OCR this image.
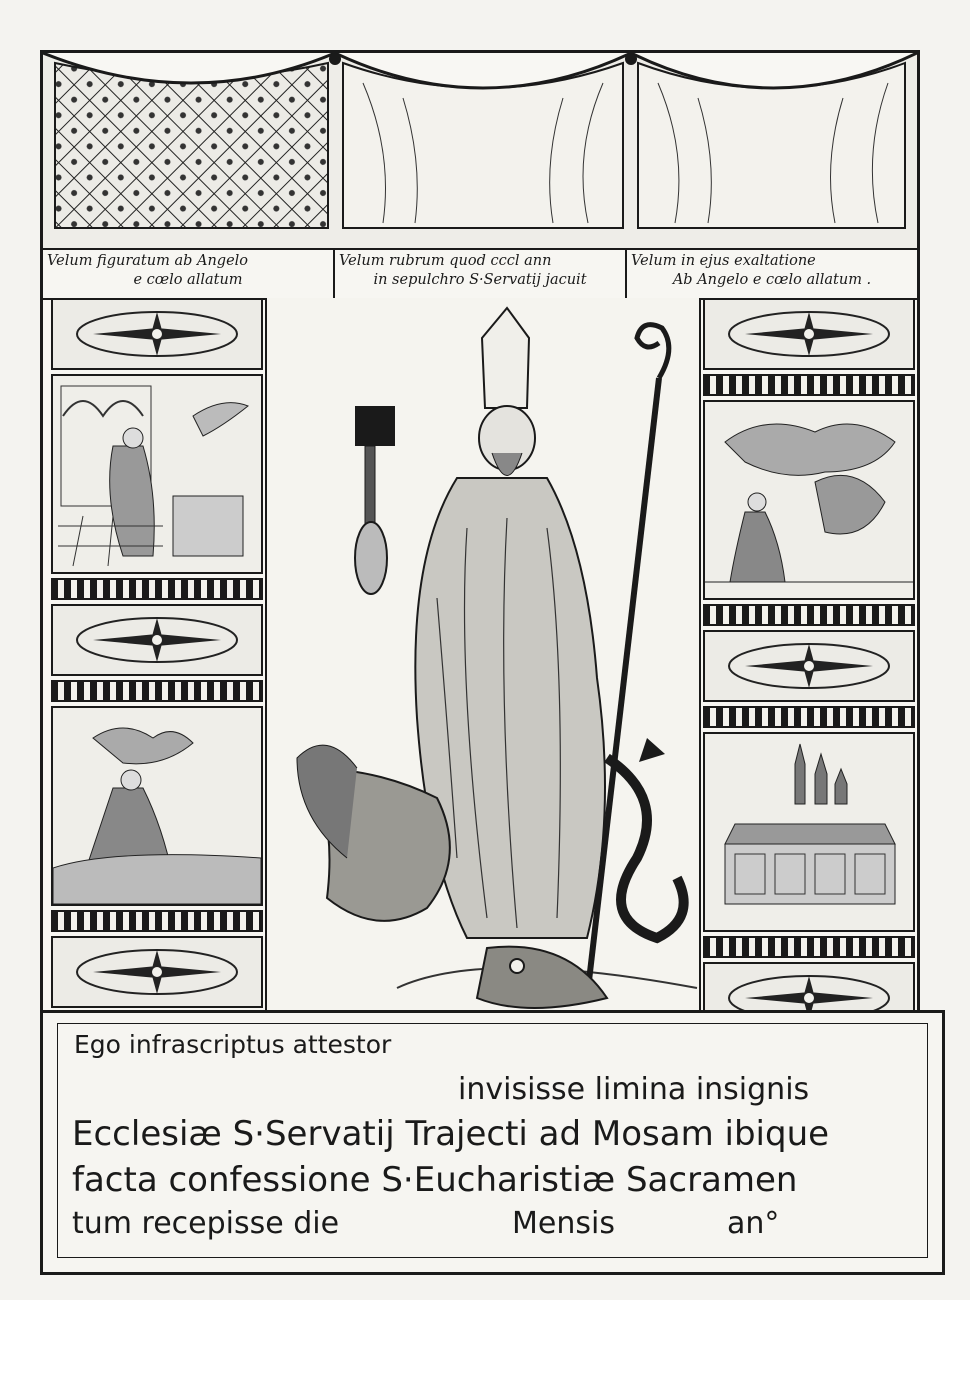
Velum figuratum ab Angelo
e cœlo allatum
Velum rubrum quod cccl ann
in sepulchro S·Servatij jacuit
Velum in ejus exaltatione
Ab Angelo e cœlo allatum .
Ego infrascriptus attestor
invisisse limina insignis
Ecclesiæ S·Servatij Trajecti ad Mosam ibique
facta confessione S·Eucharistiæ Sacramen
tum recepisse die	Mensis	an°
